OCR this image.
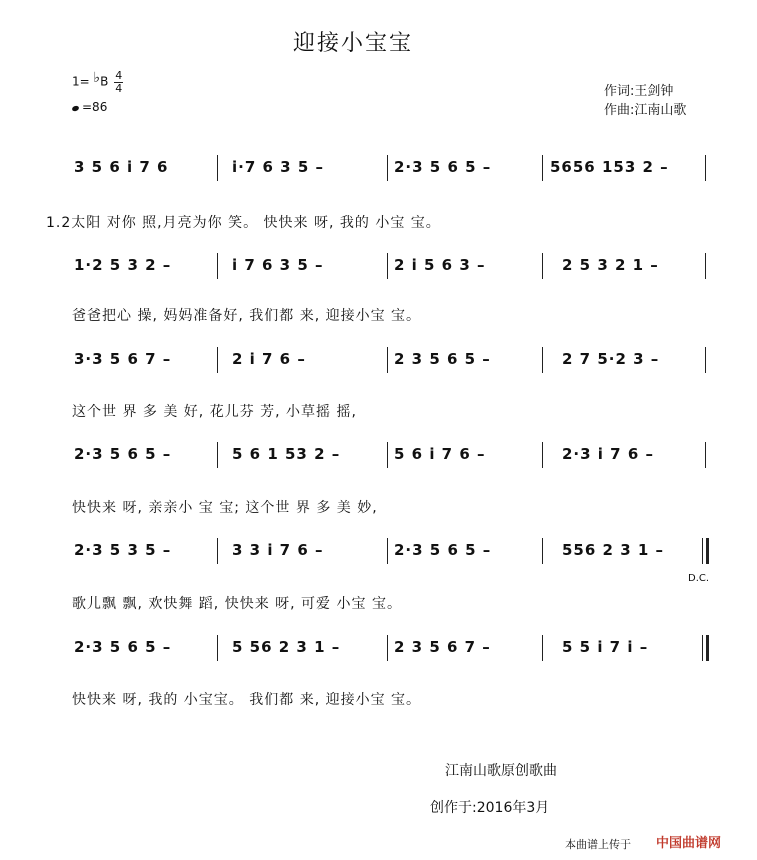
迎接小宝宝
1= ♭B $\frac{4}{4}$
=86
作词:王剑钟
作曲:江南山歌
3 5 6 i 7 6	i·7 6 3 5 –	2·3 5 6 5 –	5656 153 2 –
1.2太阳 对你 照,月亮为你 笑。 快快来 呀, 我的 小宝 宝。
1·2 5 3 2 –	i 7 6 3 5 –	2 i 5 6 3 –	2 5 3 2 1 –
爸爸把心 操, 妈妈准备好, 我们都 来, 迎接小宝 宝。
3·3 5 6 7 –	2 i 7 6 –	2 3 5 6 5 –	2 7 5·2 3 –
这个世 界 多 美 好, 花儿芬 芳, 小草摇 摇,
2·3 5 6 5 –	5 6 1 53 2 –	5 6 i 7 6 –	2·3 i 7 6 –
快快来 呀, 亲亲小 宝 宝; 这个世 界 多 美 妙,
2·3 5 3 5 –	3 3 i 7 6 –	2·3 5 6 5 –	556 2 3 1 –
D.C.
歌儿飘 飘, 欢快舞 蹈, 快快来 呀, 可爱 小宝 宝。
2·3 5 6 5 –	5 56 2 3 1 –	2 3 5 6 7 –	5 5 i 7 i –
快快来 呀, 我的 小宝宝。 我们都 来, 迎接小宝 宝。
江南山歌原创歌曲
创作于:2016年3月
本曲谱上传于 中国曲谱网
